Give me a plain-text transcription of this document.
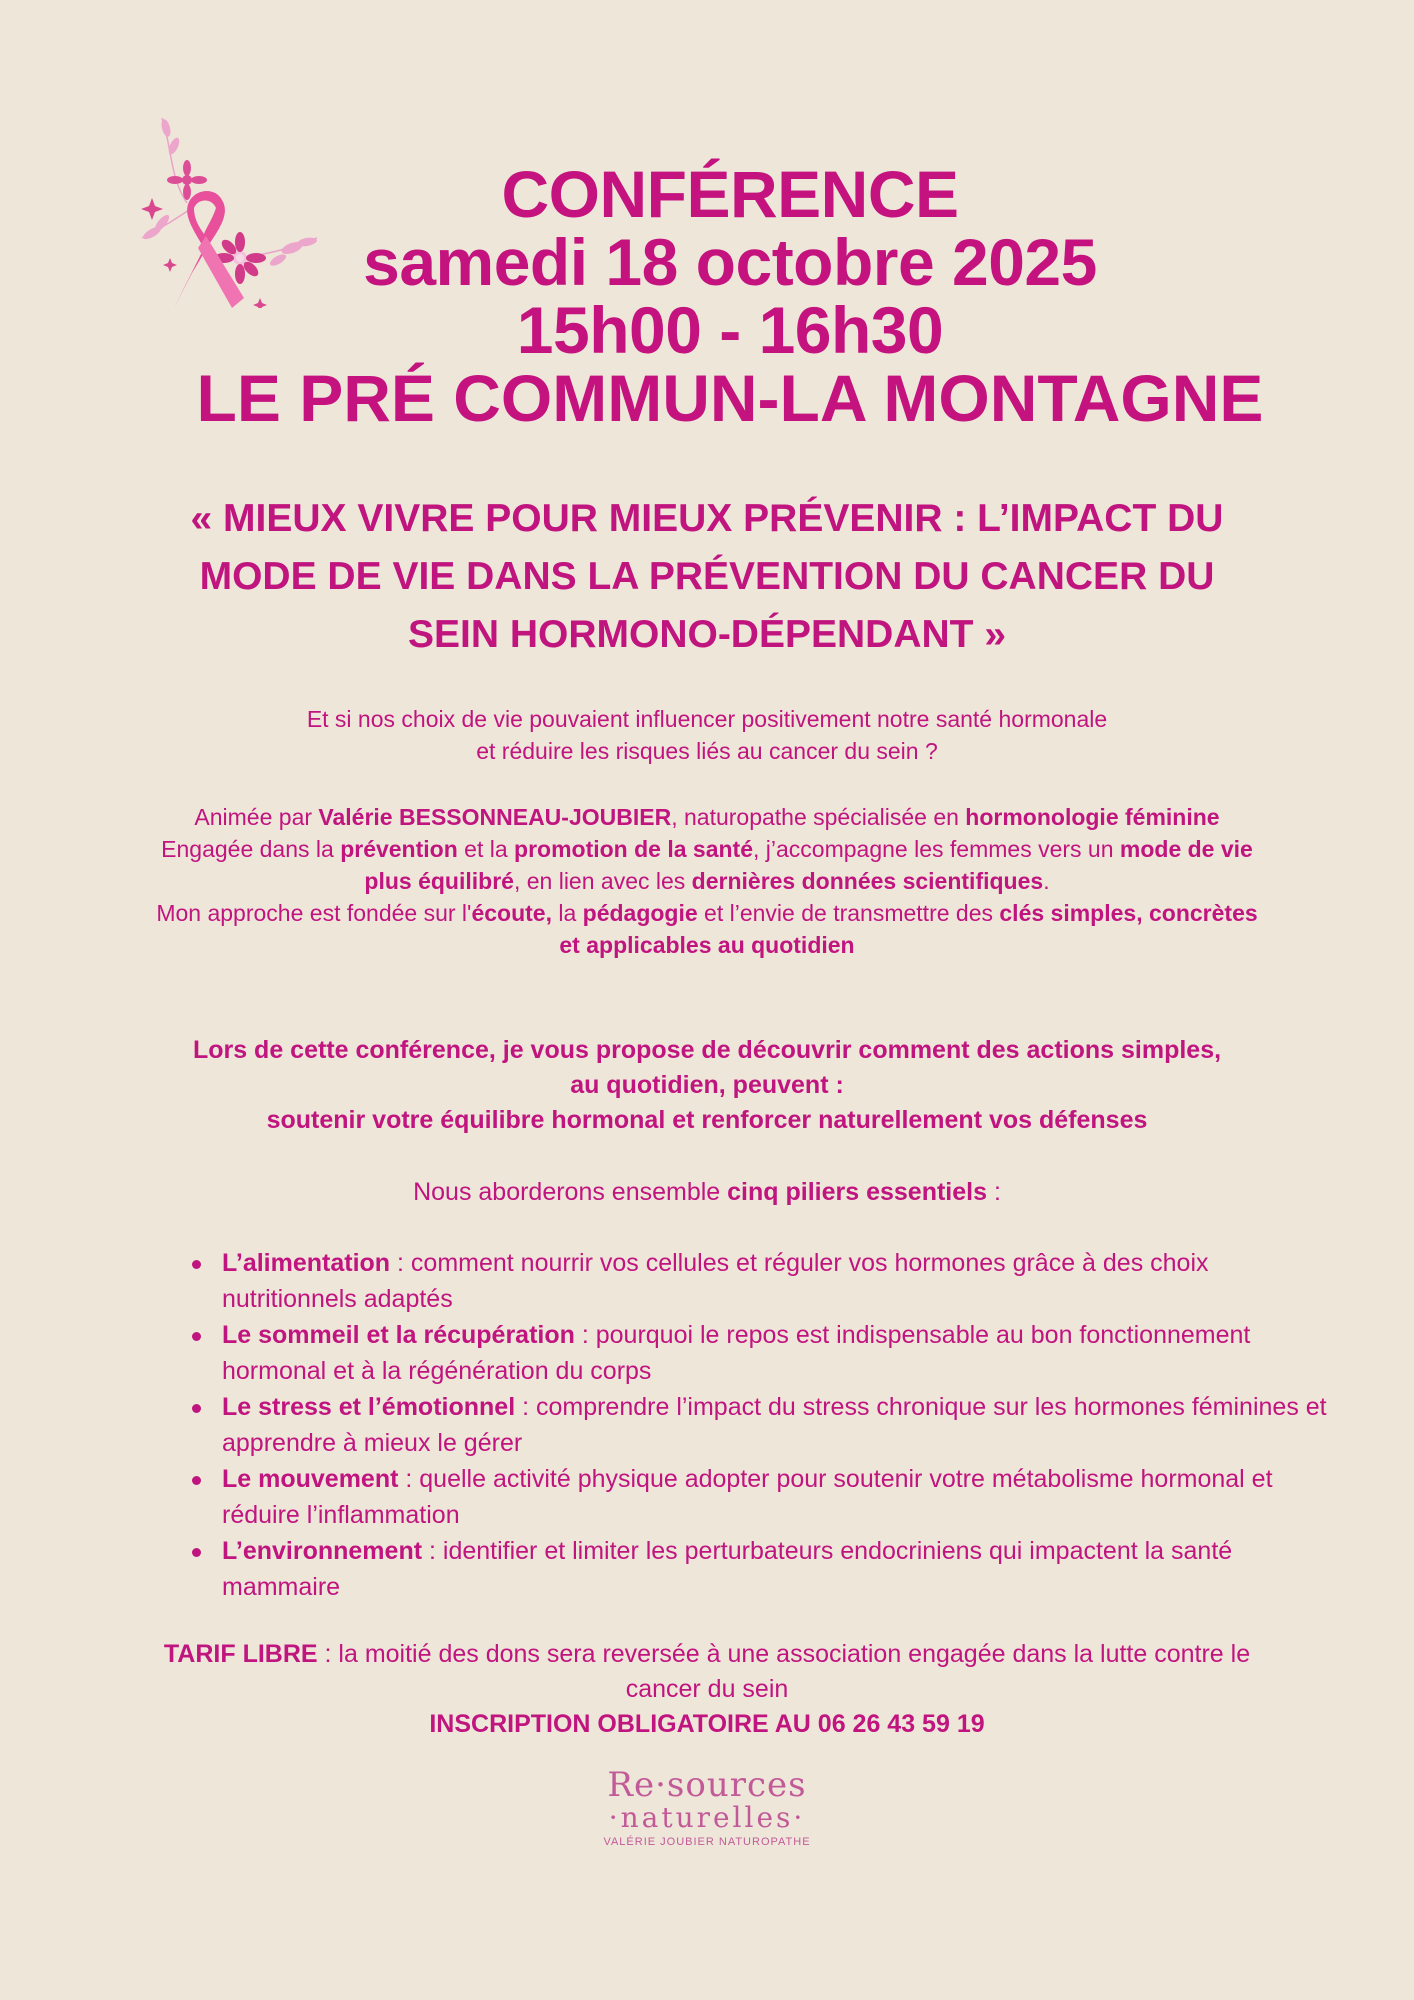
CONFÉRENCE
samedi 18 octobre 2025
15h00 - 16h30
LE PRÉ COMMUN-LA MONTAGNE
« MIEUX VIVRE POUR MIEUX PRÉVENIR : L’IMPACT DU
MODE DE VIE DANS LA PRÉVENTION DU CANCER DU
SEIN HORMONO-DÉPENDANT »
Et si nos choix de vie pouvaient influencer positivement notre santé hormonale
et réduire les risques liés au cancer du sein ?

Animée par Valérie BESSONNEAU-JOUBIER, naturopathe spécialisée en hormonologie féminine

Engagée dans la prévention et la promotion de la santé, j’accompagne les femmes vers un mode de vie plus équilibré, en lien avec les dernières données scientifiques.

Mon approche est fondée sur l'écoute, la pédagogie et l’envie de transmettre des clés simples, concrètes et applicables au quotidien

Lors de cette conférence, je vous propose de découvrir comment des actions simples,
au quotidien, peuvent :
soutenir votre équilibre hormonal et renforcer naturellement vos défenses
Nous aborderons ensemble cinq piliers essentiels :
L’alimentation : comment nourrir vos cellules et réguler vos hormones grâce à des choix nutritionnels adaptés
Le sommeil et la récupération : pourquoi le repos est indispensable au bon fonctionnement hormonal et à la régénération du corps
Le stress et l’émotionnel : comprendre l’impact du stress chronique sur les hormones féminines et apprendre à mieux le gérer
Le mouvement : quelle activité physique adopter pour soutenir votre métabolisme hormonal et réduire l’inflammation
L’environnement : identifier et limiter les perturbateurs endocriniens qui impactent la santé mammaire
TARIF LIBRE : la moitié des dons sera reversée à une association engagée dans la lutte contre le cancer du sein
INSCRIPTION OBLIGATOIRE AU 06 26 43 59 19
Re·sources
·naturelles·
VALÉRIE JOUBIER NATUROPATHE
